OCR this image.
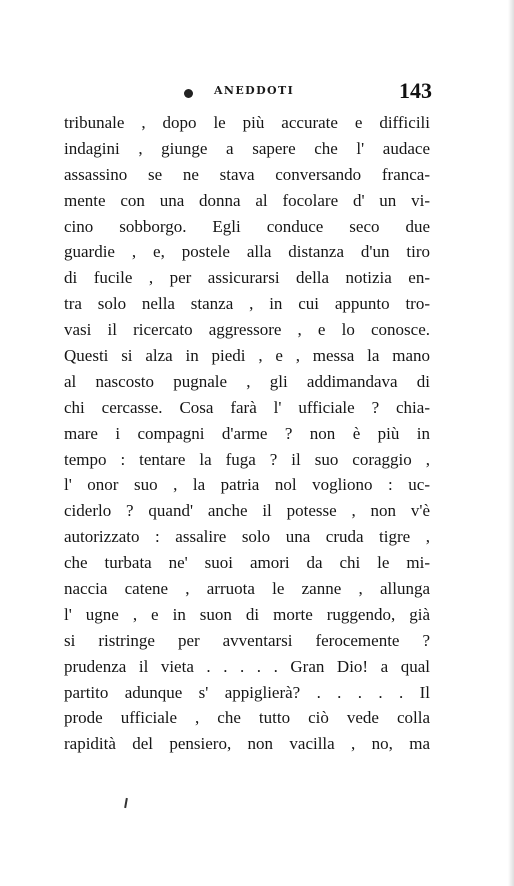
ANEDDOTI	143
tribunale , dopo le più accurate e difficili
indagini , giunge a sapere che l' audace
assassino se ne stava conversando franca-
mente con una donna al focolare d' un vi-
cino sobborgo. Egli conduce seco due
guardie , e, postele alla distanza d'un tiro
di fucile , per assicurarsi della notizia en-
tra solo nella stanza , in cui appunto tro-
vasi il ricercato aggressore , e lo conosce.
Questi si alza in piedi , e , messa la mano
al nascosto pugnale , gli addimandava di
chi cercasse. Cosa farà l' ufficiale ? chia-
mare i compagni d'arme ? non è più in
tempo : tentare la fuga ? il suo coraggio ,
l' onor suo , la patria nol vogliono : uc-
ciderlo ? quand' anche il potesse , non v'è
autorizzato : assalire solo una cruda tigre ,
che turbata ne' suoi amori da chi le mi-
naccia catene , arruota le zanne , allunga
l' ugne , e in suon di morte ruggendo, già
si ristringe per avventarsi ferocemente ?
prudenza il vieta . . . . . Gran Dio! a qual
partito adunque s' appiglierà? . . . . . Il
prode ufficiale , che tutto ciò vede colla
rapidità del pensiero, non vacilla , no, ma
